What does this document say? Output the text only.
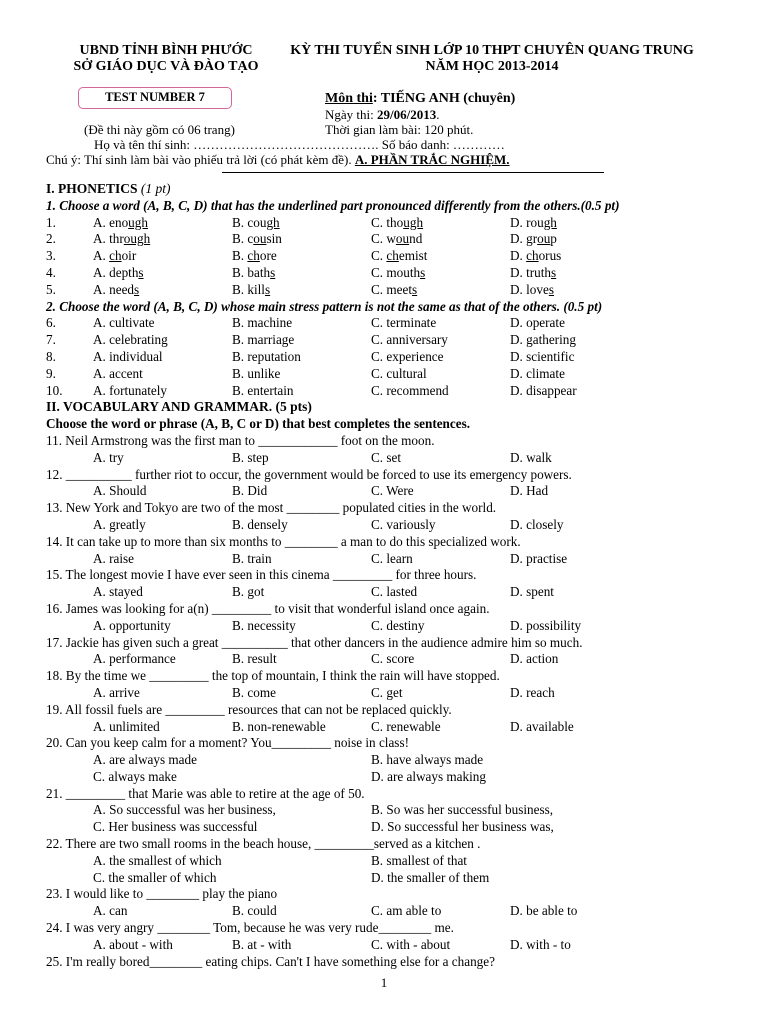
UBND TỈNH BÌNH PHƯỚC
SỞ GIÁO DỤC VÀ ĐÀO TẠO
KỲ THI TUYỂN SINH LỚP 10 THPT CHUYÊN QUANG TRUNG
NĂM HỌC 2013-2014
TEST NUMBER 7	Môn thi: TIẾNG ANH (chuyên)
Ngày thi: 29/06/2013.
(Đề thi này gồm có 06 trang)	Thời gian làm bài: 120 phút.
Họ và tên thí sinh: ……………………………………. Số báo danh: …………
Chú ý: Thí sinh làm bài vào phiếu trả lời (có phát kèm đề). A. PHẦN TRẮC NGHIỆM.
I. PHONETICS (1 pt)
1. Choose a word (A, B, C, D) that has the underlined part pronounced differently from the others.(0.5 pt)
1.	A. enough	B. cough	C. though	D. rough
2.	A. through	B. cousin	C. wound	D. group
3.	A. choir	B. chore	C. chemist	D. chorus
4.	A. depths	B. baths	C. mouths	D. truths
5.	A. needs	B. kills	C. meets	D. loves
2. Choose the word (A, B, C, D) whose main stress pattern is not the same as that of the others. (0.5 pt)
6.	A. cultivate	B. machine	C. terminate	D. operate
7.	A. celebrating	B. marriage	C. anniversary	D. gathering
8.	A. individual	B. reputation	C. experience	D. scientific
9.	A. accent	B. unlike	C. cultural	D. climate
10. A. fortunately	B. entertain	C. recommend	D. disappear
II. VOCABULARY AND GRAMMAR. (5 pts)
Choose the word or phrase (A, B, C or D) that best completes the sentences.
11. Neil Armstrong was the first man to ____________ foot on the moon.
A. try	B. step	C. set	D. walk
12. __________ further riot to occur, the government would be forced to use its emergency powers.
A. Should	B. Did	C. Were	D. Had
13. New York and Tokyo are two of the most ________ populated cities in the world.
A. greatly	B. densely	C. variously	D. closely
14. It can take up to more than six months to ________ a man to do this specialized work.
A. raise	B. train	C. learn	D. practise
15. The longest movie I have ever seen in this cinema _________ for three hours.
A. stayed	B. got	C. lasted	D. spent
16. James was looking for a(n) _________ to visit that wonderful island once again.
A. opportunity	B. necessity	C. destiny	D. possibility
17. Jackie has given such a great __________ that other dancers in the audience admire him so much.
A. performance	B. result	C. score	D. action
18. By the time we _________ the top of mountain, I think the rain will have stopped.
A. arrive	B. come	C. get	D. reach
19. All fossil fuels are _________ resources that can not be replaced quickly.
A. unlimited	B. non-renewable	C. renewable	D. available
20. Can you keep calm for a moment? You_________ noise in class!
A. are always made	B. have always made
C. always make	D. are always making
21. _________ that Marie was able to retire at the age of 50.
A. So successful was her business,	B. So was her successful business,
C. Her business was successful	D. So successful her business was,
22. There are two small rooms in the beach house, _________served as a kitchen .
A. the smallest of which	B. smallest of that
C. the smaller of which	D. the smaller of them
23. I would like to ________ play the piano
A. can	B. could	C. am able to	D. be able to
24. I was very angry ________ Tom, because he was very rude________ me.
A. about - with	B. at - with	C. with - about	D. with - to
25. I'm really bored________ eating chips. Can't I have something else for a change?
1
